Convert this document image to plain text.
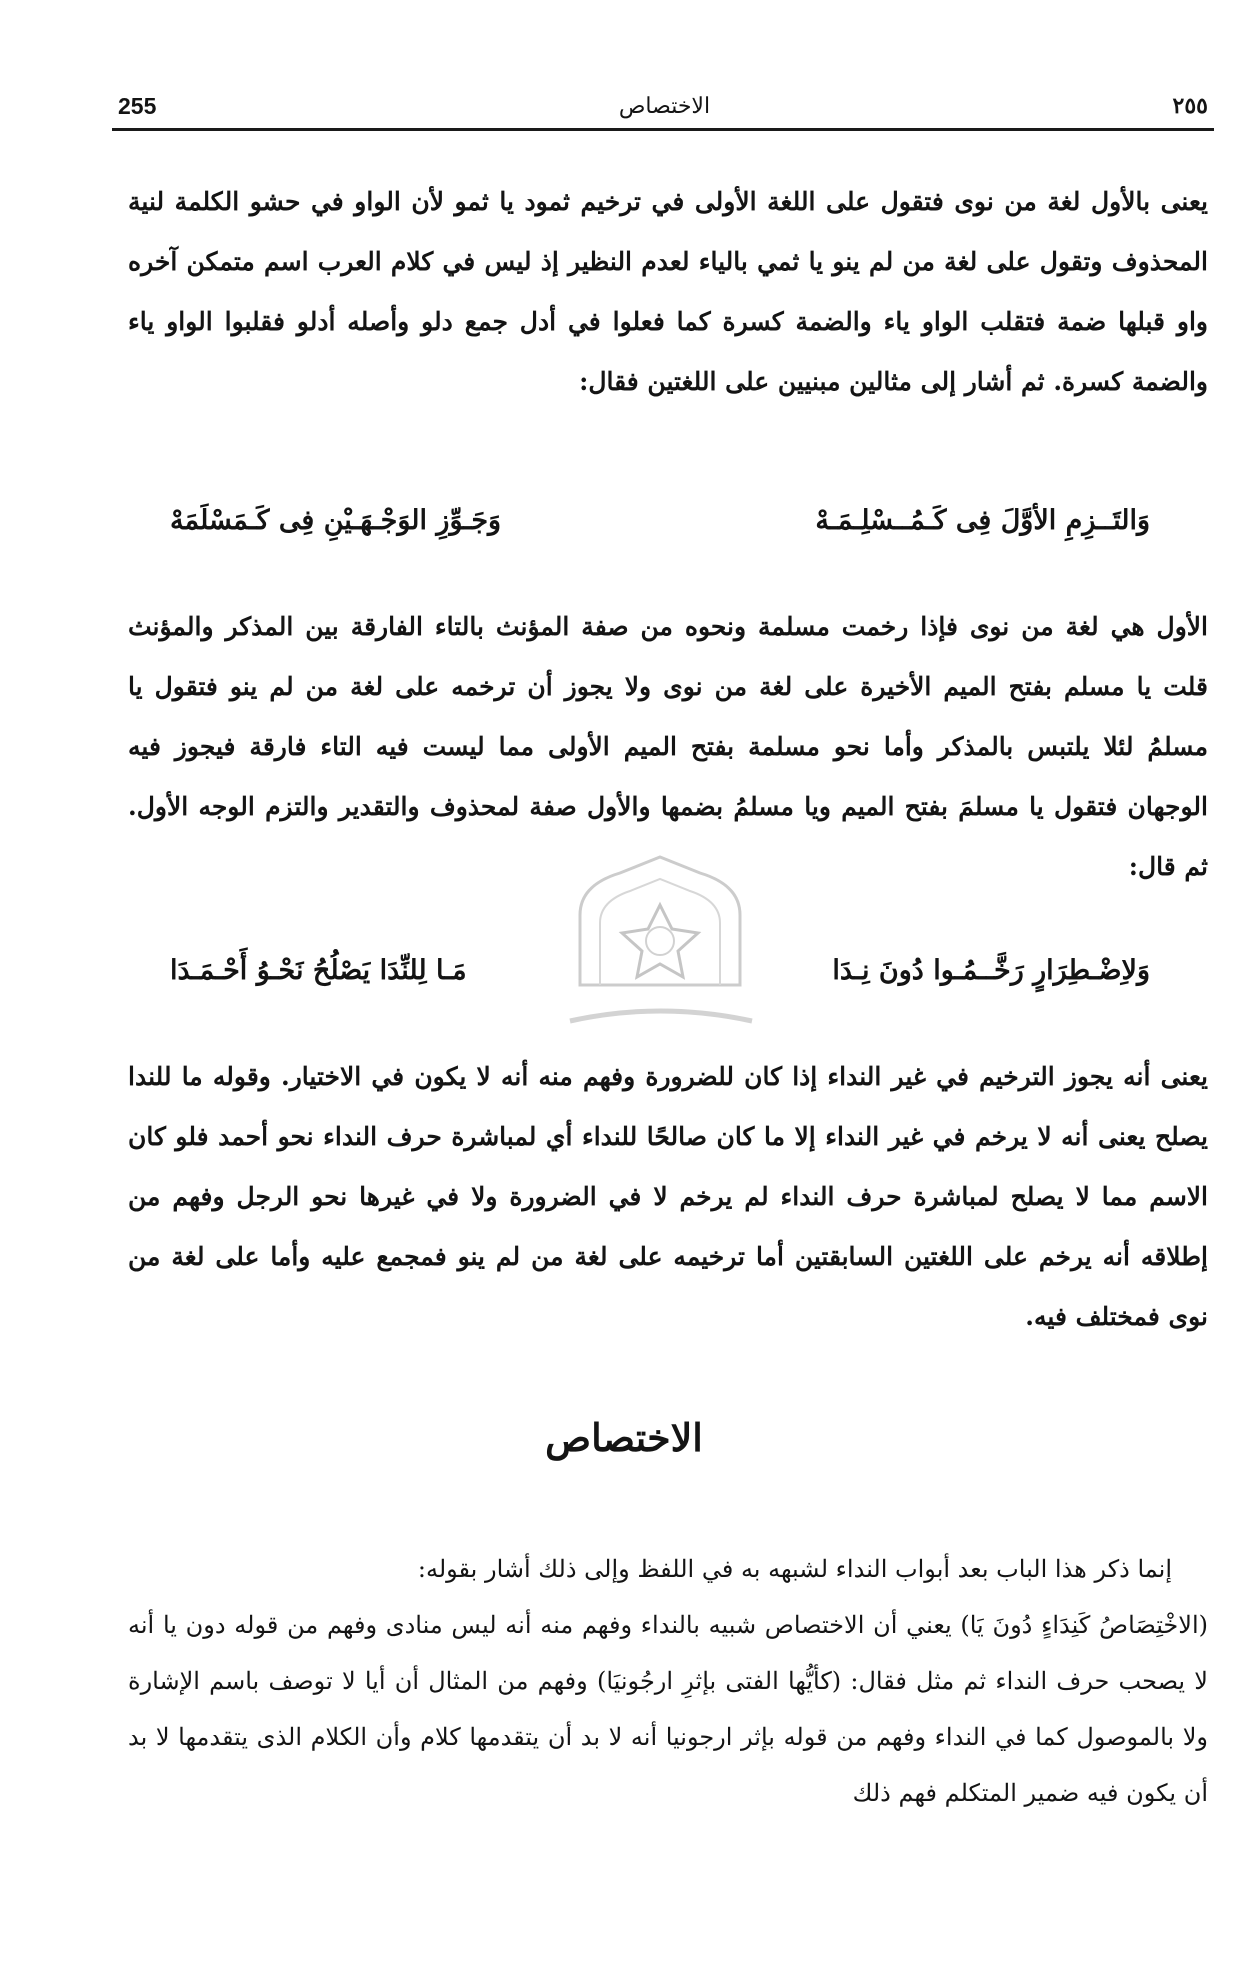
255	الاختصاص	٢٥٥

يعنى بالأول لغة من نوى فتقول على اللغة الأولى في ترخيم ثمود يا ثمو لأن الواو في حشو الكلمة لنية المحذوف وتقول على لغة من لم ينو يا ثمي بالياء لعدم النظير إذ ليس في كلام العرب اسم متمكن آخره واو قبلها ضمة فتقلب الواو ياء والضمة كسرة كما فعلوا في أدل جمع دلو وأصله أدلو فقلبوا الواو ياء والضمة كسرة. ثم أشار إلى مثالين مبنيين على اللغتين فقال:

وَالتَــزِمِ الأوَّلَ فِى كَـمُــسْلِـمَـهْ
وَجَـوِّزِ الوَجْـهَـيْنِ فِى كَـمَسْلَمَهْ

الأول هي لغة من نوى فإذا رخمت مسلمة ونحوه من صفة المؤنث بالتاء الفارقة بين المذكر والمؤنث قلت يا مسلم بفتح الميم الأخيرة على لغة من نوى ولا يجوز أن ترخمه على لغة من لم ينو فتقول يا مسلمُ لئلا يلتبس بالمذكر وأما نحو مسلمة بفتح الميم الأولى مما ليست فيه التاء فارقة فيجوز فيه الوجهان فتقول يا مسلمَ بفتح الميم ويا مسلمُ بضمها والأول صفة لمحذوف والتقدير والتزم الوجه الأول. ثم قال:

وَلاِضْـطِرَارٍ رَخَّــمُـوا دُونَ نِـدَا
مَـا لِلنِّدَا يَصْلُحُ نَحْـوُ أَحْـمَـدَا

يعنى أنه يجوز الترخيم في غير النداء إذا كان للضرورة وفهم منه أنه لا يكون في الاختيار. وقوله ما للندا يصلح يعنى أنه لا يرخم في غير النداء إلا ما كان صالحًا للنداء أي لمباشرة حرف النداء نحو أحمد فلو كان الاسم مما لا يصلح لمباشرة حرف النداء لم يرخم لا في الضرورة ولا في غيرها نحو الرجل وفهم من إطلاقه أنه يرخم على اللغتين السابقتين أما ترخيمه على لغة من لم ينو فمجمع عليه وأما على لغة من نوى فمختلف فيه.

الاختصاص

إنما ذكر هذا الباب بعد أبواب النداء لشبهه به في اللفظ وإلى ذلك أشار بقوله:
(الاخْتِصَاصُ كَنِدَاءٍ دُونَ يَا) يعني أن الاختصاص شبيه بالنداء وفهم منه أنه ليس منادى وفهم من قوله دون يا أنه لا يصحب حرف النداء ثم مثل فقال: (كأيُّها الفتى بإثرِ ارجُونيَا) وفهم من المثال أن أيا لا توصف باسم الإشارة ولا بالموصول كما في النداء وفهم من قوله بإثر ارجونيا أنه لا بد أن يتقدمها كلام وأن الكلام الذى يتقدمها لا بد أن يكون فيه ضمير المتكلم فهم ذلك
